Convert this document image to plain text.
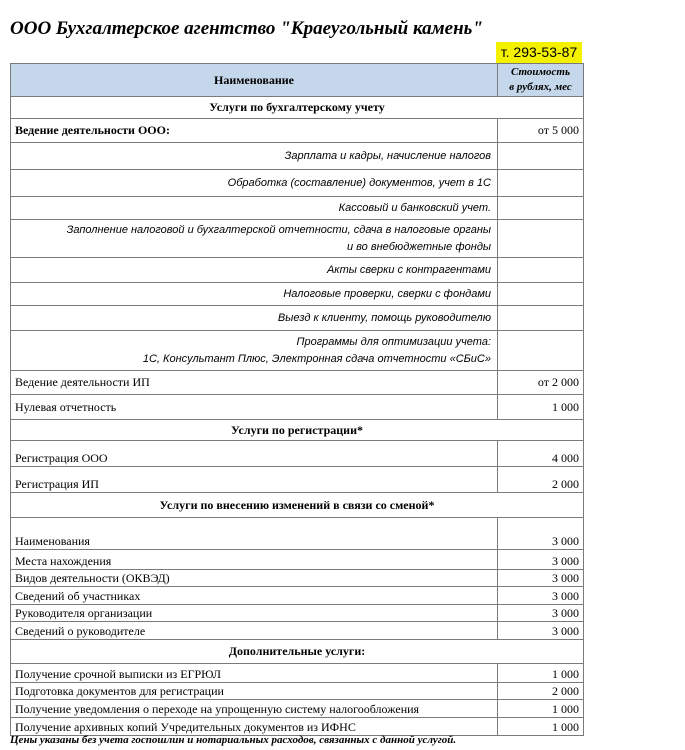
ООО Бухгалтерское агентство "Краеугольный камень"
т. 293-53-87
Наименование	Стоимость
в рублях, мес

Услуги по бухгалтерскому учету	
Ведение деятельности ООО:	от 5 000
Зарплата и кадры, начисление налогов	
Обработка (составление) документов, учет в 1С	
Кассовый и банковский учет.	

Заполнение налоговой и бухгалтерской отчетности, сдача в налоговые органы
и во внебюджетные фонды	

Акты сверки с контрагентами	
Налоговые проверки, сверки с фондами	
Выезд к клиенту, помощь руководителю	

Программы для оптимизации учета:
1С, Консультант Плюс, Электронная сдача отчетности «СБиС»	

Ведение деятельности ИП	от 2 000
Нулевая отчетность	1 000
Услуги по регистрации*	
Регистрация ООО	4 000
Регистрация ИП	2 000
Услуги по внесению изменений в связи со сменой*	
Наименования	3 000
Места нахождения	3 000
Видов деятельности (ОКВЭД)	3 000
Сведений об участниках	3 000
Руководителя организации	3 000
Сведений о руководителе	3 000
Дополнительные услуги:	
Получение срочной выписки из ЕГРЮЛ	1 000
Подготовка документов для регистрации	2 000
Получение уведомления о переходе на упрощенную систему налогообложения	1 000
Получение архивных копий Учредительных документов из ИФНС	1 000
Цены указаны без учета госпошлин и нотариальных расходов, связанных с данной услугой.
